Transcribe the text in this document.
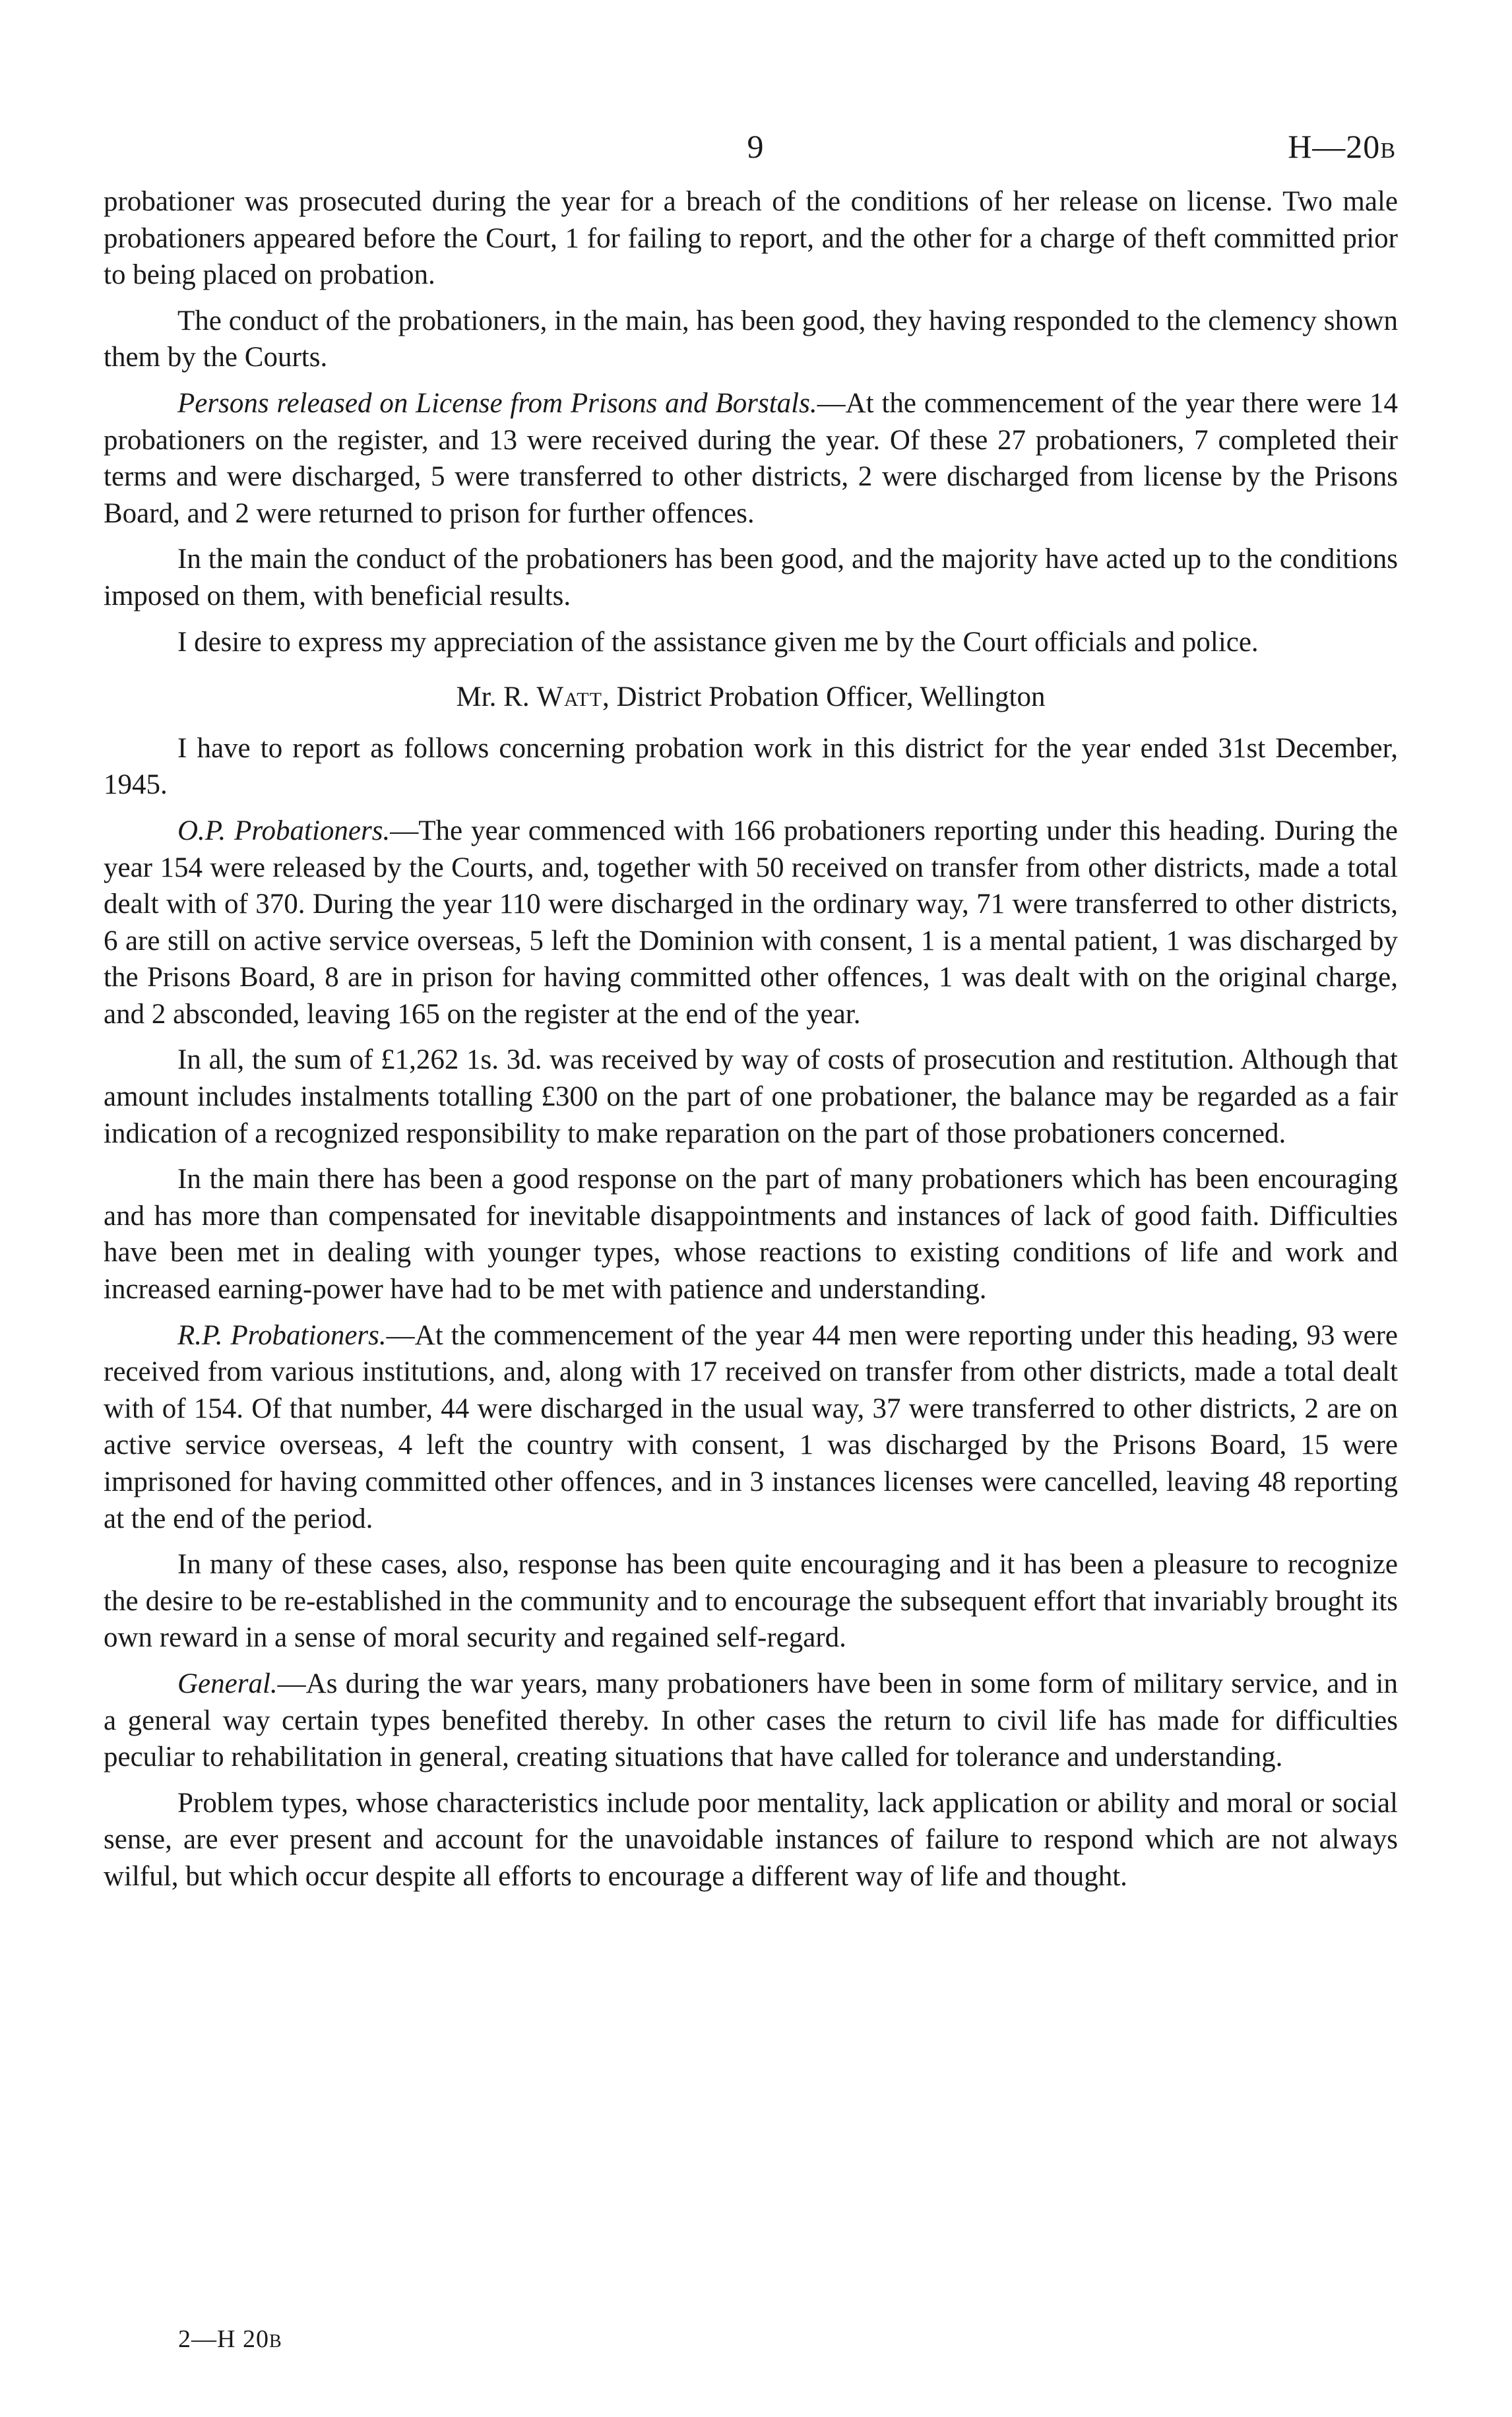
9	H—20B

probationer was prosecuted during the year for a breach of the conditions of her release on license. Two male probationers appeared before the Court, 1 for failing to report, and the other for a charge of theft committed prior to being placed on probation.

The conduct of the probationers, in the main, has been good, they having responded to the clemency shown them by the Courts.

Persons released on License from Prisons and Borstals.—At the commencement of the year there were 14 probationers on the register, and 13 were received during the year. Of these 27 probationers, 7 completed their terms and were discharged, 5 were transferred to other districts, 2 were discharged from license by the Prisons Board, and 2 were returned to prison for further offences.

In the main the conduct of the probationers has been good, and the majority have acted up to the conditions imposed on them, with beneficial results.

I desire to express my appreciation of the assistance given me by the Court officials and police.

Mr. R. Watt, District Probation Officer, Wellington

I have to report as follows concerning probation work in this district for the year ended 31st December, 1945.

O.P. Probationers.—The year commenced with 166 probationers reporting under this heading. During the year 154 were released by the Courts, and, together with 50 received on transfer from other districts, made a total dealt with of 370. During the year 110 were discharged in the ordinary way, 71 were transferred to other districts, 6 are still on active service overseas, 5 left the Dominion with consent, 1 is a mental patient, 1 was discharged by the Prisons Board, 8 are in prison for having committed other offences, 1 was dealt with on the original charge, and 2 absconded, leaving 165 on the register at the end of the year.

In all, the sum of £1,262 1s. 3d. was received by way of costs of prosecution and restitution. Although that amount includes instalments totalling £300 on the part of one probationer, the balance may be regarded as a fair indication of a recognized responsibility to make reparation on the part of those probationers concerned.

In the main there has been a good response on the part of many probationers which has been encouraging and has more than compensated for inevitable disappointments and instances of lack of good faith. Difficulties have been met in dealing with younger types, whose reactions to existing conditions of life and work and increased earning-power have had to be met with patience and understanding.

R.P. Probationers.—At the commencement of the year 44 men were reporting under this heading, 93 were received from various institutions, and, along with 17 received on transfer from other districts, made a total dealt with of 154. Of that number, 44 were discharged in the usual way, 37 were transferred to other districts, 2 are on active service overseas, 4 left the country with consent, 1 was discharged by the Prisons Board, 15 were imprisoned for having committed other offences, and in 3 instances licenses were cancelled, leaving 48 reporting at the end of the period.

In many of these cases, also, response has been quite encouraging and it has been a pleasure to recognize the desire to be re-established in the community and to encourage the subsequent effort that invariably brought its own reward in a sense of moral security and regained self-regard.

General.—As during the war years, many probationers have been in some form of military service, and in a general way certain types benefited thereby. In other cases the return to civil life has made for difficulties peculiar to rehabilitation in general, creating situations that have called for tolerance and understanding.

Problem types, whose characteristics include poor mentality, lack application or ability and moral or social sense, are ever present and account for the unavoidable instances of failure to respond which are not always wilful, but which occur despite all efforts to encourage a different way of life and thought.

2—H 20B
